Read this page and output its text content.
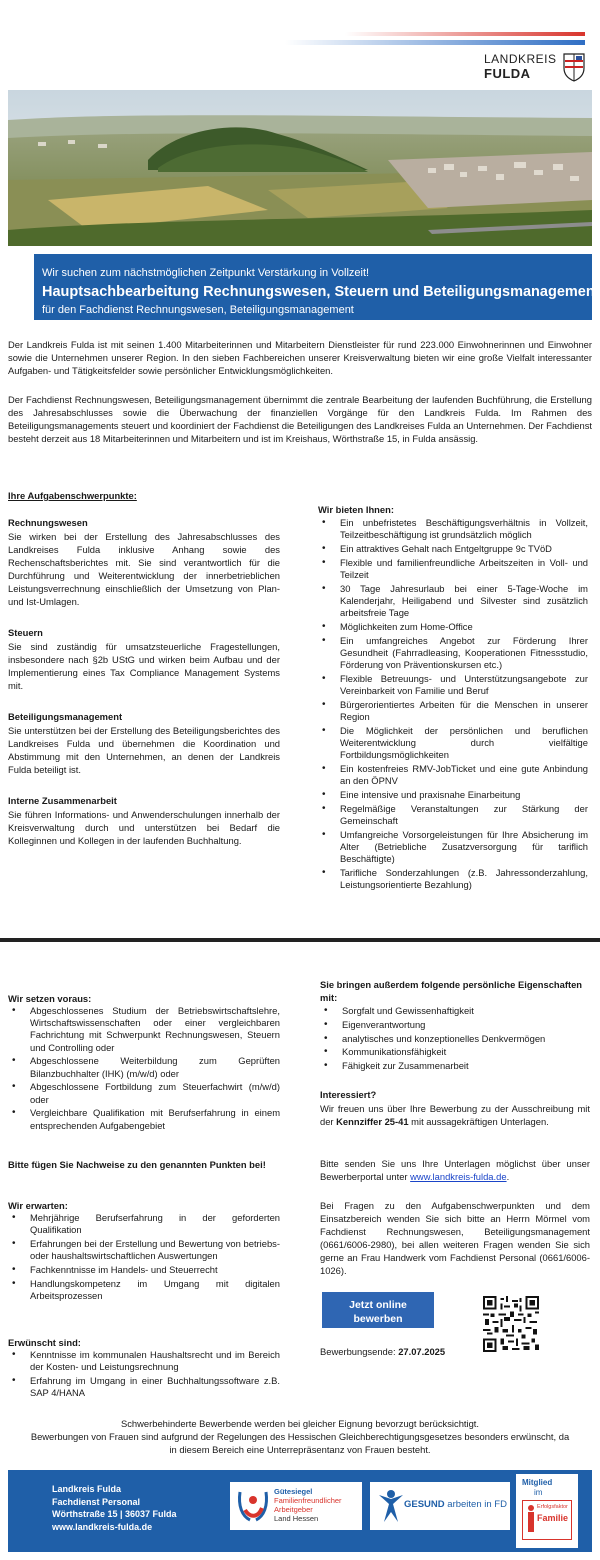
LANDKREIS
FULDA
Wir suchen zum nächstmöglichen Zeitpunkt Verstärkung in Vollzeit!
Hauptsachbearbeitung Rechnungswesen, Steuern und Beteiligungsmanagement
für den Fachdienst Rechnungswesen, Beteiligungsmanagement
Der Landkreis Fulda ist mit seinen 1.400 Mitarbeiterinnen und Mitarbeitern Dienstleister für rund 223.000 Einwohnerinnen und Einwohner sowie die Unternehmen unserer Region. In den sieben Fachbereichen unserer Kreisverwaltung bieten wir eine große Vielfalt interessanter Aufgaben- und Tätigkeitsfelder sowie persönlicher Entwicklungsmöglichkeiten.
Der Fachdienst Rechnungswesen, Beteiligungsmanagement übernimmt die zentrale Bearbeitung der laufenden Buchführung, die Erstellung des Jahresabschlusses sowie die Überwachung der finanziellen Vorgänge für den Landkreis Fulda. Im Rahmen des Beteiligungsmanagements steuert und koordiniert der Fachdienst die Beteiligungen des Landkreises Fulda an Unternehmen. Der Fachdienst besteht derzeit aus 18 Mitarbeiterinnen und Mitarbeitern und ist im Kreishaus, Wörthstraße 15, in Fulda ansässig.
Ihre Aufgabenschwerpunkte:
Rechnungswesen
Sie wirken bei der Erstellung des Jahresabschlusses des Landkreises Fulda inklusive Anhang sowie des Rechenschaftsberichtes mit. Sie sind verantwortlich für die Durchführung und Weiterentwicklung der innerbetrieblichen Leistungsverrechnung einschließlich der Umsetzung von Plan- und Ist-Umlagen.
Steuern
Sie sind zuständig für umsatzsteuerliche Fragestellungen, insbesondere nach §2b UStG und wirken beim Aufbau und der Implementierung eines Tax Compliance Management Systems mit.
Beteiligungsmanagement
Sie unterstützen bei der Erstellung des Beteiligungsberichtes des Landkreises Fulda und übernehmen die Koordination und Abstimmung mit den Unternehmen, an denen der Landkreis Fulda beteiligt ist.
Interne Zusammenarbeit
Sie führen Informations- und Anwenderschulungen innerhalb der Kreisverwaltung durch und unterstützen bei Bedarf die Kolleginnen und Kollegen in der laufenden Buchhaltung.
Wir bieten Ihnen:
• Ein unbefristetes Beschäftigungsverhältnis in Vollzeit, Teilzeitbeschäftigung ist grundsätzlich möglich
• Ein attraktives Gehalt nach Entgeltgruppe 9c TVöD
• Flexible und familienfreundliche Arbeitszeiten in Voll- und Teilzeit
• 30 Tage Jahresurlaub bei einer 5-Tage-Woche im Kalenderjahr, Heiligabend und Silvester sind zusätzlich arbeitsfreie Tage
• Möglichkeiten zum Home-Office
• Ein umfangreiches Angebot zur Förderung Ihrer Gesundheit (Fahrradleasing, Kooperationen Fitnessstudio, Förderung von Präventionskursen etc.)
• Flexible Betreuungs- und Unterstützungsangebote zur Vereinbarkeit von Familie und Beruf
• Bürgerorientiertes Arbeiten für die Menschen in unserer Region
• Die Möglichkeit der persönlichen und beruflichen Weiterentwicklung durch vielfältige Fortbildungsmöglichkeiten
• Ein kostenfreies RMV-JobTicket und eine gute Anbindung an den ÖPNV
• Eine intensive und praxisnahe Einarbeitung
• Regelmäßige Veranstaltungen zur Stärkung der Gemeinschaft
• Umfangreiche Vorsorgeleistungen für Ihre Absicherung im Alter (Betriebliche Zusatzversorgung für tariflich Beschäftigte)
• Tarifliche Sonderzahlungen (z.B. Jahressonderzahlung, Leistungsorientierte Bezahlung)
Wir setzen voraus:
• Abgeschlossenes Studium der Betriebswirtschaftslehre, Wirtschaftswissenschaften oder einer vergleichbaren Fachrichtung mit Schwerpunkt Rechnungswesen, Steuern und Controlling oder
• Abgeschlossene Weiterbildung zum Geprüften Bilanzbuchhalter (IHK) (m/w/d) oder
• Abgeschlossene Fortbildung zum Steuerfachwirt (m/w/d) oder
• Vergleichbare Qualifikation mit Berufserfahrung in einem entsprechenden Aufgabengebiet
Bitte fügen Sie Nachweise zu den genannten Punkten bei!
Wir erwarten:
• Mehrjährige Berufserfahrung in der geforderten Qualifikation
• Erfahrungen bei der Erstellung und Bewertung von betriebs- oder haushaltswirtschaftlichen Auswertungen
• Fachkenntnisse im Handels- und Steuerrecht
• Handlungskompetenz im Umgang mit digitalen Arbeitsprozessen
Erwünscht sind:
• Kenntnisse im kommunalen Haushaltsrecht und im Bereich der Kosten- und Leistungsrechnung
• Erfahrung im Umgang in einer Buchhaltungssoftware z.B. SAP 4/HANA
Sie bringen außerdem folgende persönliche Eigenschaften mit:
• Sorgfalt und Gewissenhaftigkeit
• Eigenverantwortung
• analytisches und konzeptionelles Denkvermögen
• Kommunikationsfähigkeit
• Fähigkeit zur Zusammenarbeit
Interessiert?
Wir freuen uns über Ihre Bewerbung zu der Ausschreibung mit der Kennziffer 25-41 mit aussagekräftigen Unterlagen.
Bitte senden Sie uns Ihre Unterlagen möglichst über unser Bewerberportal unter www.landkreis-fulda.de.
Bei Fragen zu den Aufgabenschwerpunkten und dem Einsatzbereich wenden Sie sich bitte an Herrn Mörmel vom Fachdienst Rechnungswesen, Beteiligungsmanagement (0661/6006-2980), bei allen weiteren Fragen wenden Sie sich gerne an Frau Handwerk vom Fachdienst Personal (0661/6006-1026).
Jetzt online
bewerben
Bewerbungsende: 27.07.2025
Schwerbehinderte Bewerbende werden bei gleicher Eignung bevorzugt berücksichtigt.
Bewerbungen von Frauen sind aufgrund der Regelungen des Hessischen Gleichberechtigungsgesetzes besonders erwünscht, da in diesem Bereich eine Unterrepräsentanz von Frauen besteht.
Landkreis Fulda
Fachdienst Personal
Wörthstraße 15 | 36037 Fulda
www.landkreis-fulda.de
Gütesiegel
Familienfreundlicher
Arbeitgeber
Land Hessen
GESUND arbeiten in FD
Mitglied
im
Erfolgsfaktor
Familie
